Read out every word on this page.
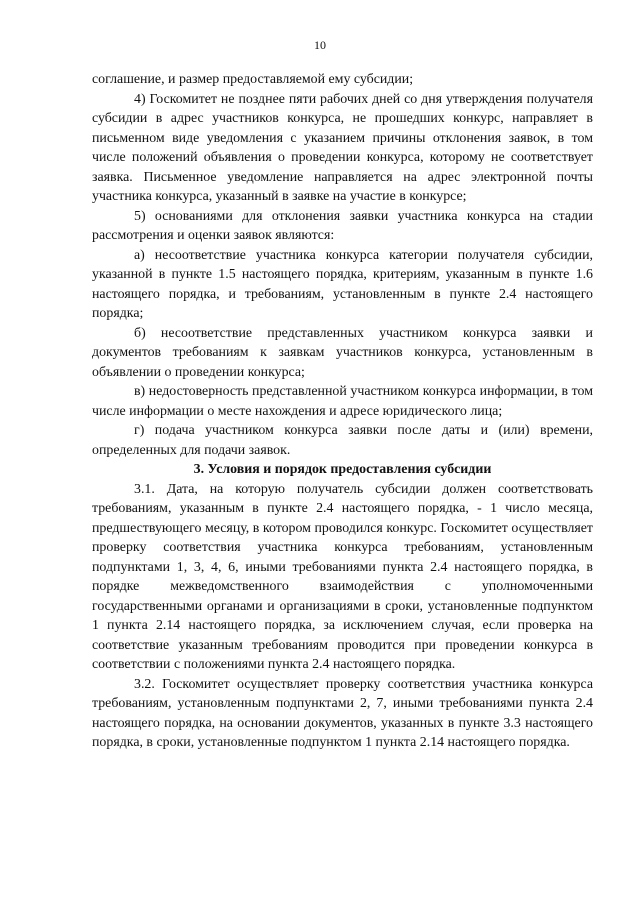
10

соглашение, и размер предоставляемой ему субсидии;

4) Госкомитет не позднее пяти рабочих дней со дня утверждения получателя субсидии в адрес участников конкурса, не прошедших конкурс, направляет в письменном виде уведомления с указанием причины отклонения заявок, в том числе положений объявления о проведении конкурса, которому не соответствует заявка. Письменное уведомление направляется на адрес электронной почты участника конкурса, указанный в заявке на участие в конкурсе;

5) основаниями для отклонения заявки участника конкурса на стадии рассмотрения и оценки заявок являются:

а) несоответствие участника конкурса категории получателя субсидии, указанной в пункте 1.5 настоящего порядка, критериям, указанным в пункте 1.6 настоящего порядка, и требованиям, установленным в пункте 2.4 настоящего порядка;

б) несоответствие представленных участником конкурса заявки и документов требованиям к заявкам участников конкурса, установленным в объявлении о проведении конкурса;

в) недостоверность представленной участником конкурса информации, в том числе информации о месте нахождения и адресе юридического лица;

г) подача участником конкурса заявки после даты и (или) времени, определенных для подачи заявок.

3. Условия и порядок предоставления субсидии

3.1. Дата, на которую получатель субсидии должен соответствовать требованиям, указанным в пункте 2.4 настоящего порядка, - 1 число месяца, предшествующего месяцу, в котором проводился конкурс. Госкомитет осуществляет проверку соответствия участника конкурса требованиям, установленным подпунктами 1, 3, 4, 6, иными требованиями пункта 2.4 настоящего порядка, в порядке межведомственного взаимодействия с уполномоченными государственными органами и организациями в сроки, установленные подпунктом 1 пункта 2.14 настоящего порядка, за исключением случая, если проверка на соответствие указанным требованиям проводится при проведении конкурса в соответствии с положениями пункта 2.4 настоящего порядка.

3.2. Госкомитет осуществляет проверку соответствия участника конкурса требованиям, установленным подпунктами 2, 7, иными требованиями пункта 2.4 настоящего порядка, на основании документов, указанных в пункте 3.3 настоящего порядка, в сроки, установленные подпунктом 1 пункта 2.14 настоящего порядка.
